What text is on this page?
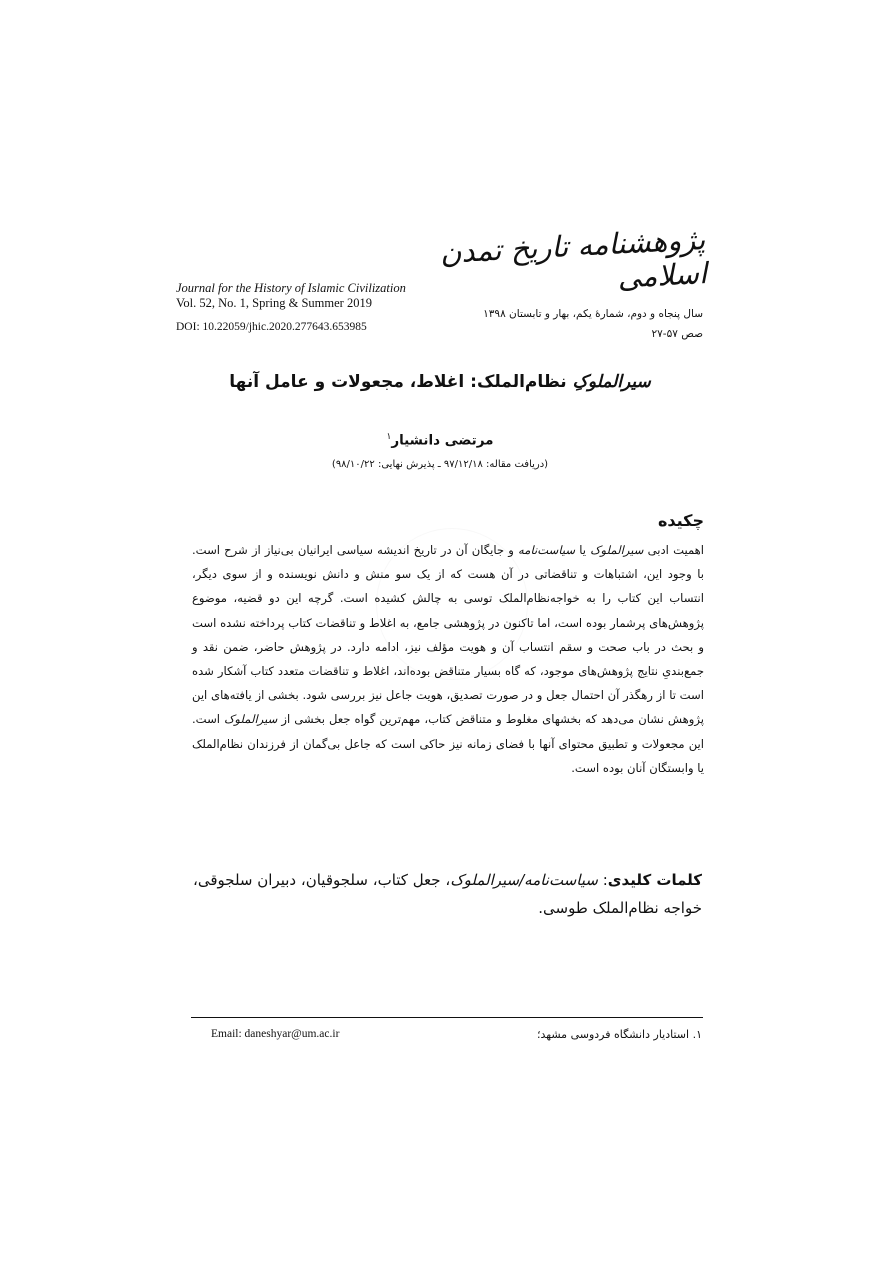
پژوهشنامه تاریخ تمدن اسلامی
Journal for the History of Islamic Civilization
Vol. 52, No. 1, Spring & Summer 2019
DOI: 10.22059/jhic.2020.277643.653985
سال پنجاه و دوم، شمارۀ یکم، بهار و تابستان ۱۳۹۸
صص ۵۷-۲۷
سیرالملوکِ نظام‌الملک: اغلاط، مجعولات و عامل آنها
مرتضی دانشیار$^۱$
(دریافت مقاله: ۹۷/۱۲/۱۸ ـ پذیرش نهایی: ۹۸/۱۰/۲۲)
چکیده
اهمیت ادبی سیرالملوک یا سیاست‌نامه و جایگان آن در تاریخ اندیشه سیاسی ایرانیان بی‌نیاز از شرح است. با وجود این، اشتباهات و تناقضاتی در آن هست که از یک سو منش و دانش نویسنده و از سوی دیگر، انتساب این کتاب را به خواجه‌نظام‌الملک توسی به چالش کشیده است. گرچه این دو قضیه، موضوع پژوهش‌های پرشمار بوده است، اما تاکنون در پژوهشی جامع، به اغلاط و تناقضات کتاب پرداخته نشده است و بحث در باب صحت و سقم انتساب آن و هویت مؤلف نیز، ادامه دارد. در پژوهش حاضر، ضمن نقد و جمع‌بندیِ نتایج پژوهش‌های موجود، که گاه بسیار متناقض بوده‌اند، اغلاط و تناقضات متعدد کتاب آشکار شده است تا از رهگذر آن احتمال جعل و در صورت تصدیق، هویت جاعل نیز بررسی شود. بخشی از یافته‌های این پژوهش نشان می‌دهد که بخشهای مغلوط و متناقض کتاب، مهم‌ترین گواه جعل بخشی از سیرالملوک است. این مجعولات و تطبیق محتوای آنها با فضای زمانه نیز حاکی است که جاعل بی‌گمان از فرزندان نظام‌الملک یا وابستگان آنان بوده است.
کلمات کلیدی: سیاست‌نامه/سیرالملوک، جعل کتاب، سلجوقیان، دبیران سلجوقی، خواجه نظام‌الملک طوسی.
۱. استادیار دانشگاه فردوسی مشهد؛
Email: daneshyar@um.ac.ir
